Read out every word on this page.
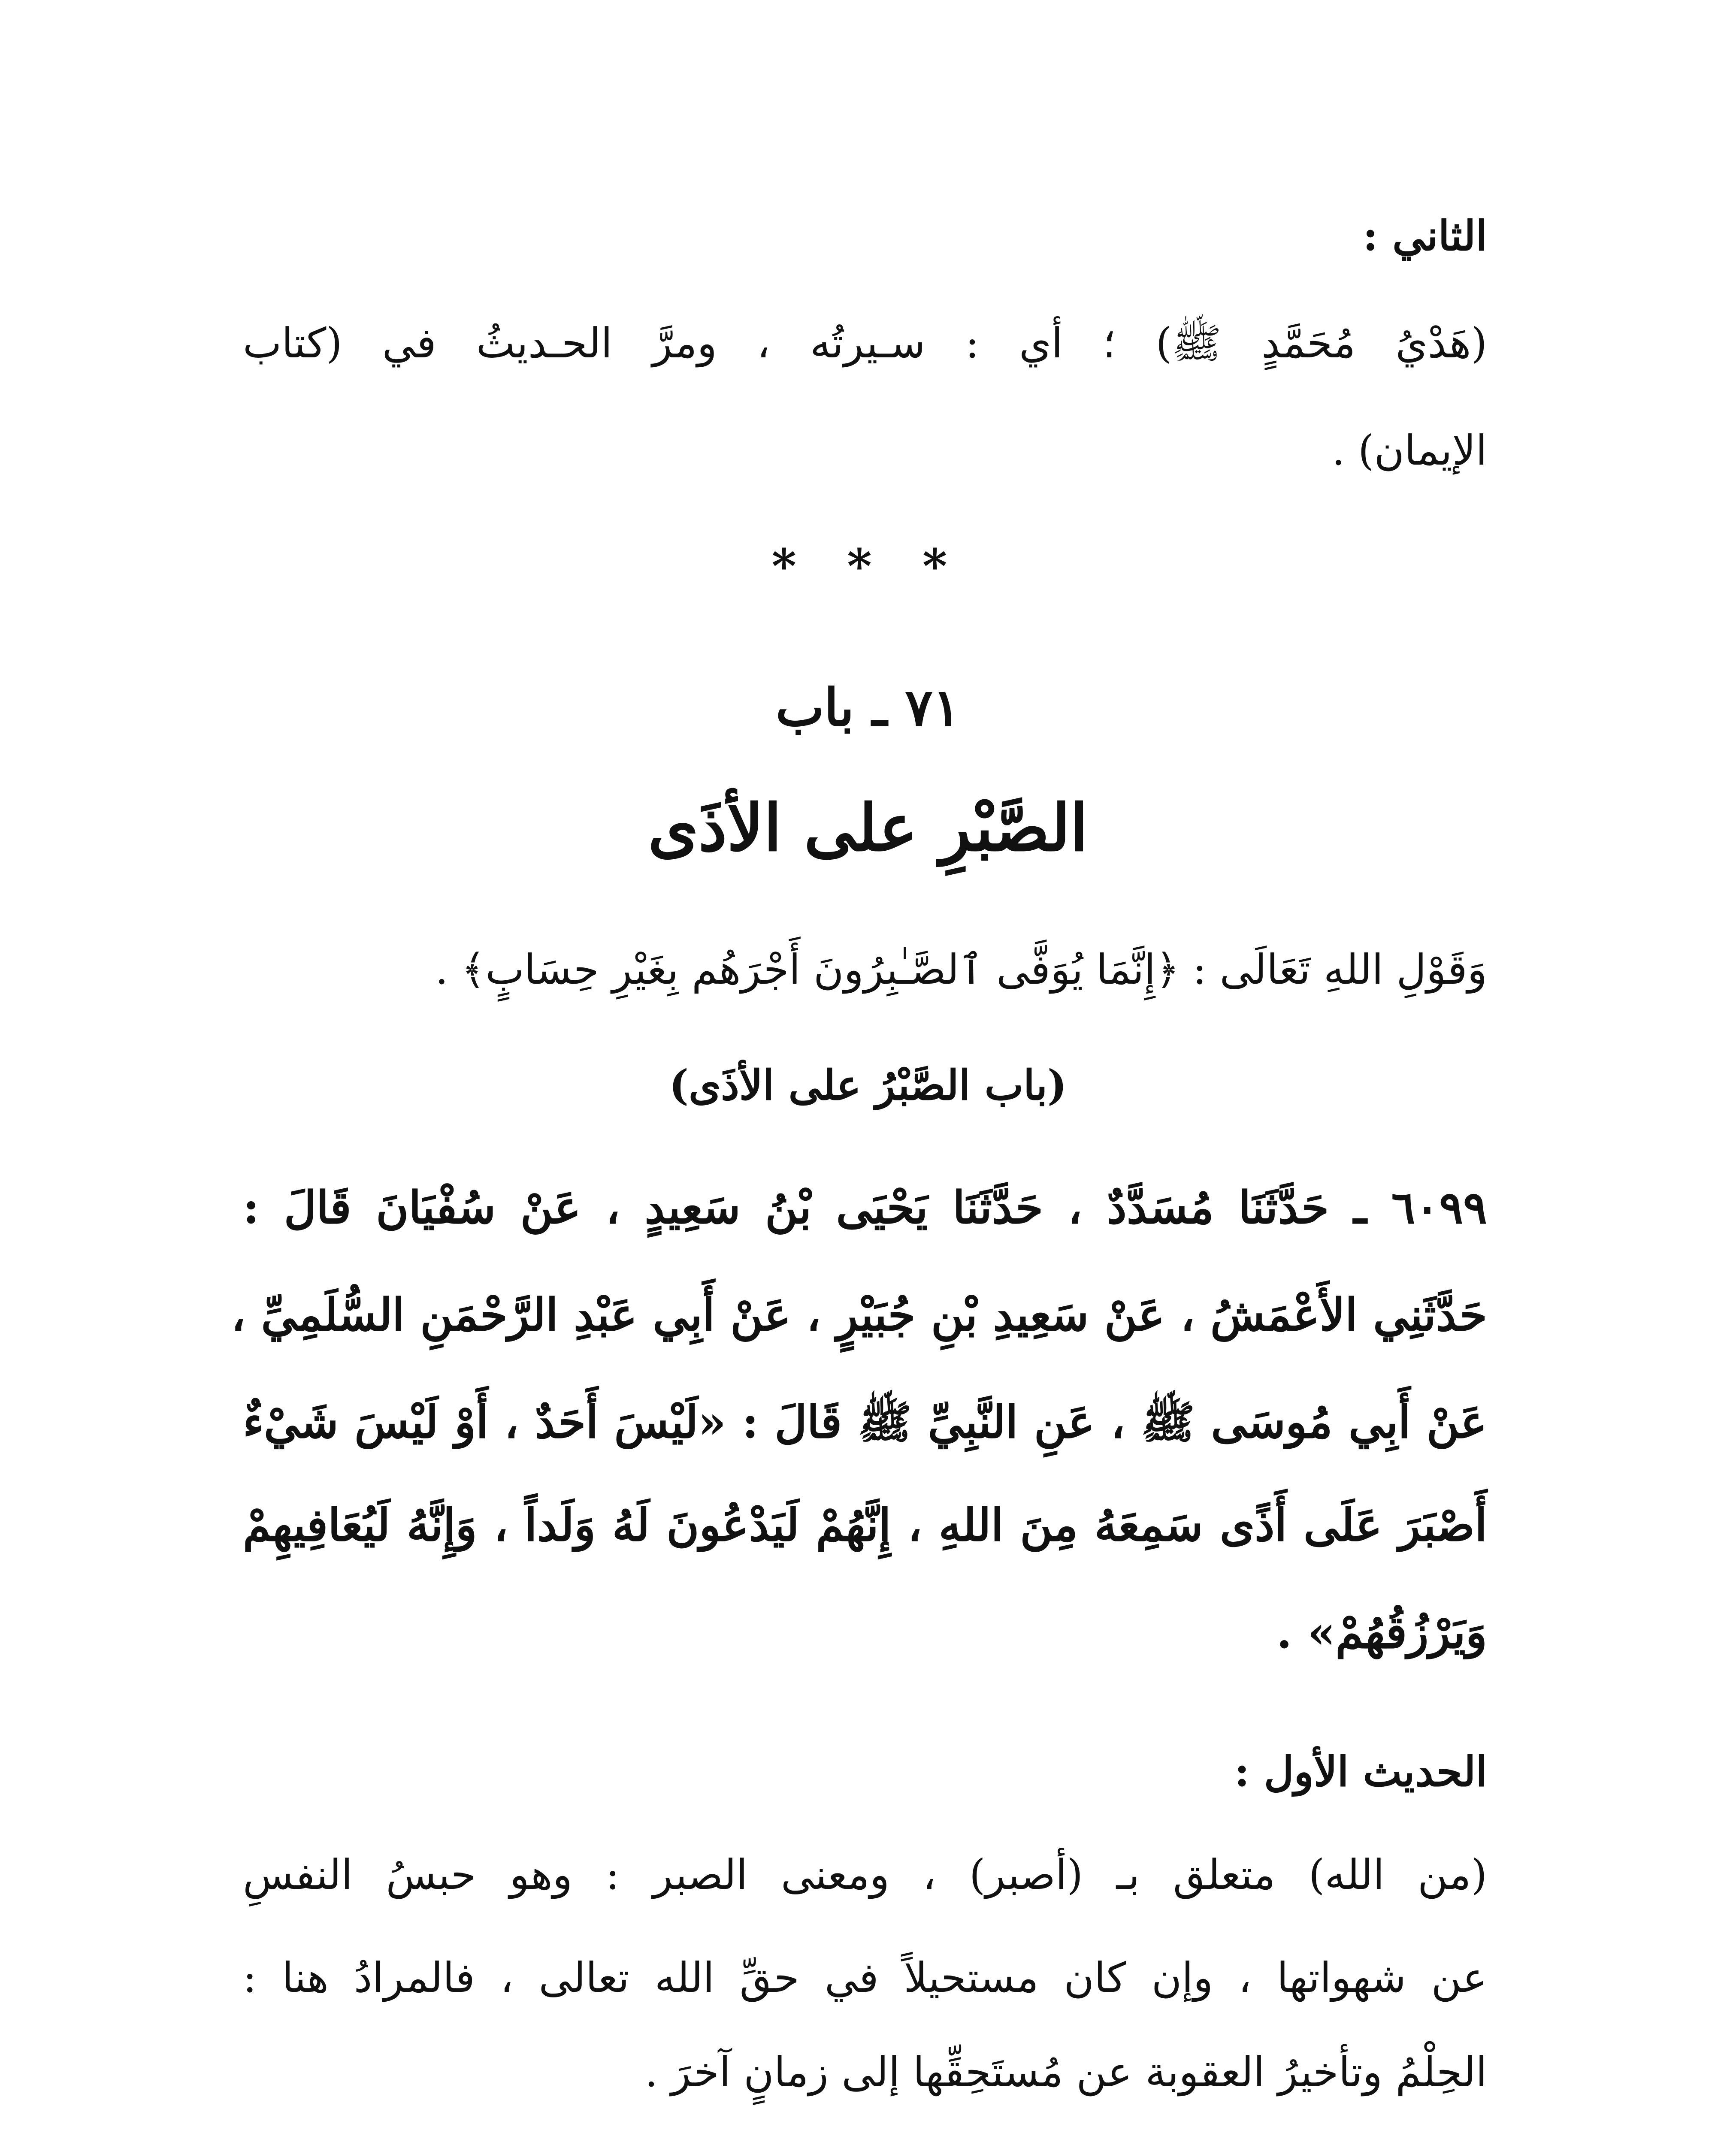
الثاني :
(هَدْيُ مُحَمَّدٍ ﷺ) ؛ أي : سـيرتُه ، ومرَّ الحـديثُ في (كتاب
الإيمان) .
* * *
٧١ ـ باب
الصَّبْرِ على الأذَى
وَقَوْلِ اللهِ تَعَالَى : ﴿إِنَّمَا يُوَفَّى ٱلصَّـٰبِرُونَ أَجْرَهُم بِغَيْرِ حِسَابٍ﴾ .
(باب الصَّبْرُ على الأذَى)
٦٠٩٩ ـ حَدَّثَنَا مُسَدَّدٌ ، حَدَّثَنَا يَحْيَى بْنُ سَعِيدٍ ، عَنْ سُفْيَانَ قَالَ :
حَدَّثَنِي الأَعْمَشُ ، عَنْ سَعِيدِ بْنِ جُبَيْرٍ ، عَنْ أَبِي عَبْدِ الرَّحْمَنِ السُّلَمِيِّ ،
عَنْ أَبِي مُوسَى ﷺ ، عَنِ النَّبِيِّ ﷺ قَالَ : «لَيْسَ أَحَدٌ ، أَوْ لَيْسَ شَيْءٌ
أَصْبَرَ عَلَى أَذًى سَمِعَهُ مِنَ اللهِ ، إِنَّهُمْ لَيَدْعُونَ لَهُ وَلَداً ، وَإِنَّهُ لَيُعَافِيهِمْ
وَيَرْزُقُهُمْ» .
الحديث الأول :
(من الله) متعلق بـ (أصبر) ، ومعنى الصبر : وهو حبسُ النفسِ
عن شهواتها ، وإن كان مستحيلاً في حقِّ الله تعالى ، فالمرادُ هنا :
الحِلْمُ وتأخيرُ العقوبة عن مُستَحِقِّها إلى زمانٍ آخرَ .
